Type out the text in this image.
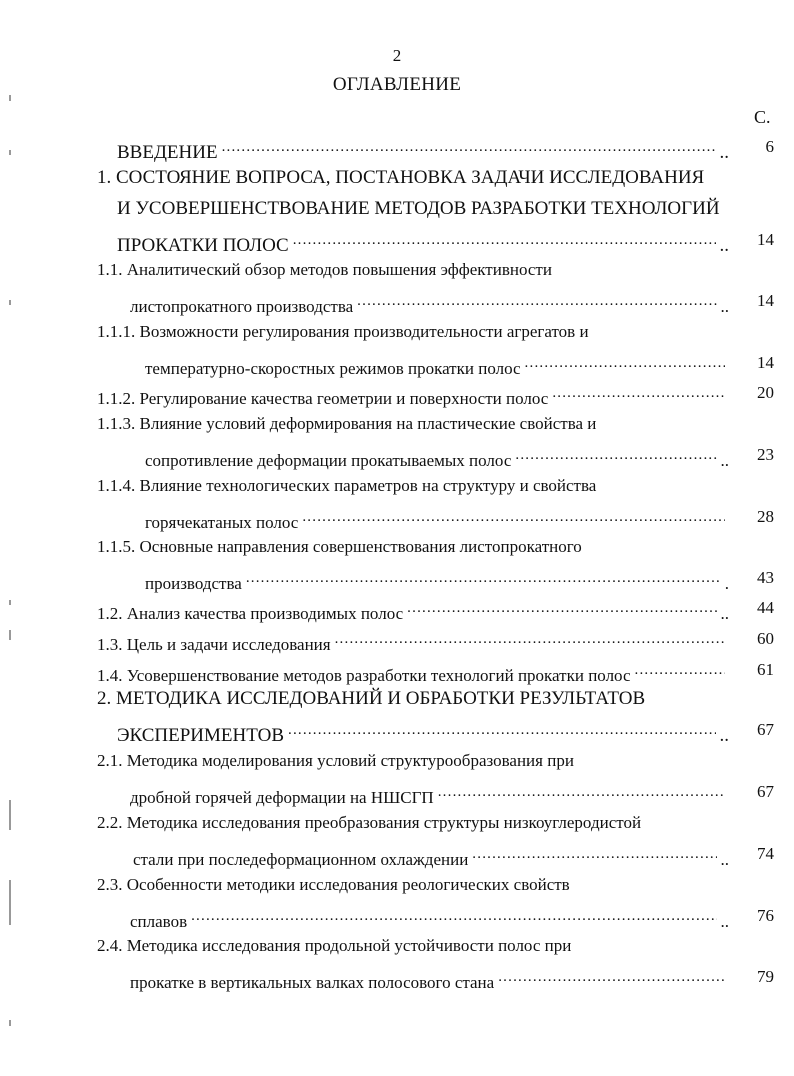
2
ОГЛАВЛЕНИЕ
С.
ВВЕДЕНИЕ .....	..	6
1. СОСТОЯНИЕ ВОПРОСА, ПОСТАНОВКА ЗАДАЧИ ИССЛЕДОВАНИЯ
И УСОВЕРШЕНСТВОВАНИЕ МЕТОДОВ РАЗРАБОТКИ ТЕХНОЛОГИЙ
ПРОКАТКИ ПОЛОС .....	..	14
1.1. Аналитический обзор методов повышения эффективности
листопрокатного производства .....	..	14
1.1.1. Возможности регулирования производительности агрегатов и
температурно-скоростных режимов прокатки полос .....	14
1.1.2. Регулирование качества геометрии и поверхности полос .....	20
1.1.3. Влияние условий деформирования на пластические свойства и
сопротивление деформации прокатываемых полос .....	..	23
1.1.4. Влияние технологических параметров на структуру и свойства
горячекатаных полос .....	28
1.1.5. Основные направления совершенствования листопрокатного
производства .....	.	43
1.2. Анализ качества производимых полос .....	..	44
1.3. Цель и задачи исследования .....	60
1.4. Усовершенствование методов разработки технологий прокатки полос .....	61
2. МЕТОДИКА ИССЛЕДОВАНИЙ И ОБРАБОТКИ РЕЗУЛЬТАТОВ
ЭКСПЕРИМЕНТОВ .....	..	67
2.1. Методика моделирования условий структурообразования при
дробной горячей деформации на НШСГП .....	67
2.2. Методика исследования преобразования структуры низкоуглеродистой
стали при последеформационном охлаждении .....	..	74
2.3. Особенности методики исследования реологических свойств
сплавов .....	..	76
2.4. Методика исследования продольной устойчивости полос при
прокатке в вертикальных валках полосового стана .....	79
